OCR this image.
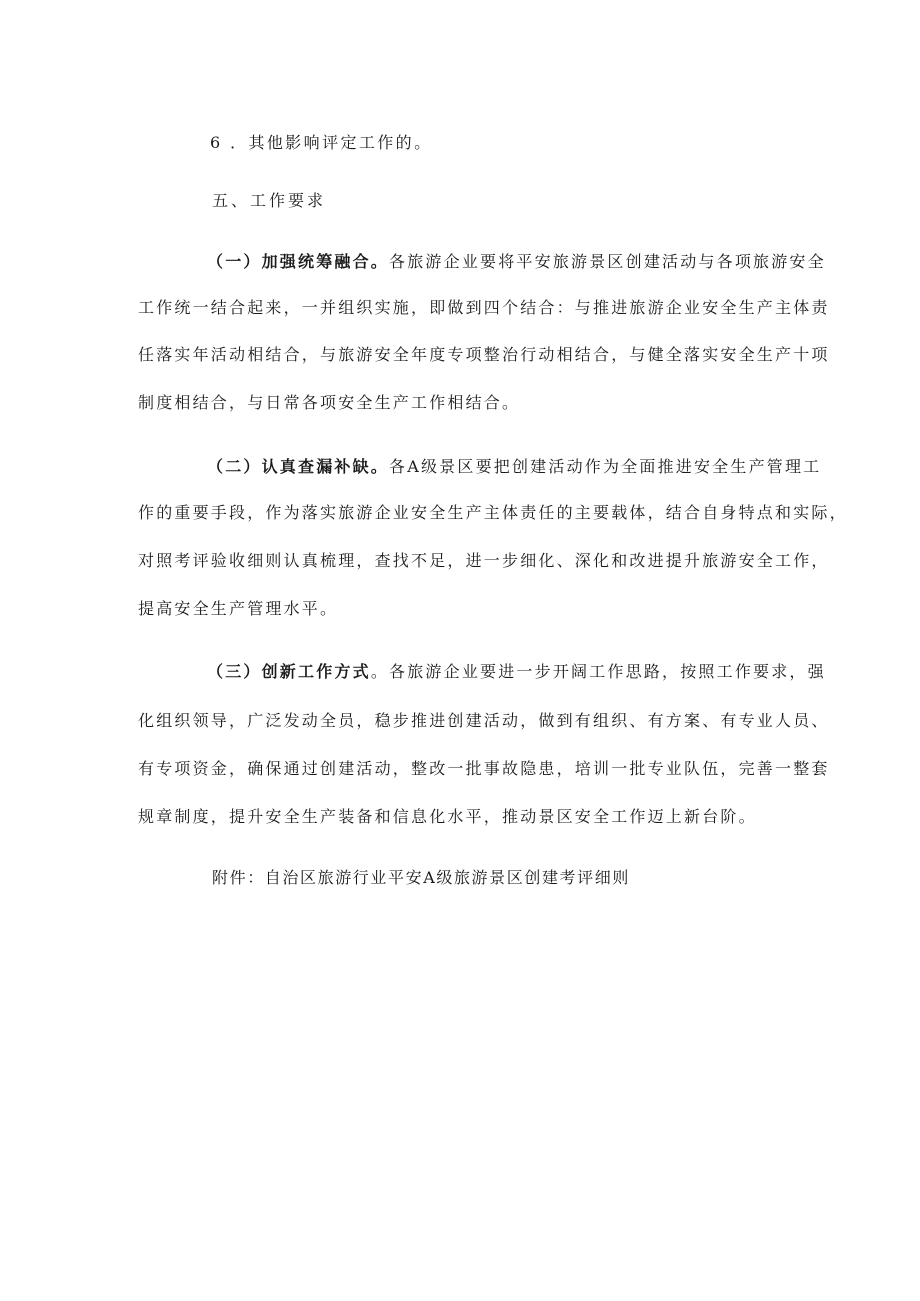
6 ．其他影响评定工作的。
五、工作要求
（一）加强统筹融合。各旅游企业要将平安旅游景区创建活动与各项旅游安全
工作统一结合起来，一并组织实施，即做到四个结合：与推进旅游企业安全生产主体责
任落实年活动相结合，与旅游安全年度专项整治行动相结合，与健全落实安全生产十项
制度相结合，与日常各项安全生产工作相结合。
（二）认真查漏补缺。各A级景区要把创建活动作为全面推进安全生产管理工
作的重要手段，作为落实旅游企业安全生产主体责任的主要载体，结合自身特点和实际，
对照考评验收细则认真梳理，查找不足，进一步细化、深化和改进提升旅游安全工作，
提高安全生产管理水平。
（三）创新工作方式。各旅游企业要进一步开阔工作思路，按照工作要求，强
化组织领导，广泛发动全员，稳步推进创建活动，做到有组织、有方案、有专业人员、
有专项资金，确保通过创建活动，整改一批事故隐患，培训一批专业队伍，完善一整套
规章制度，提升安全生产装备和信息化水平，推动景区安全工作迈上新台阶。
附件：自治区旅游行业平安A级旅游景区创建考评细则
